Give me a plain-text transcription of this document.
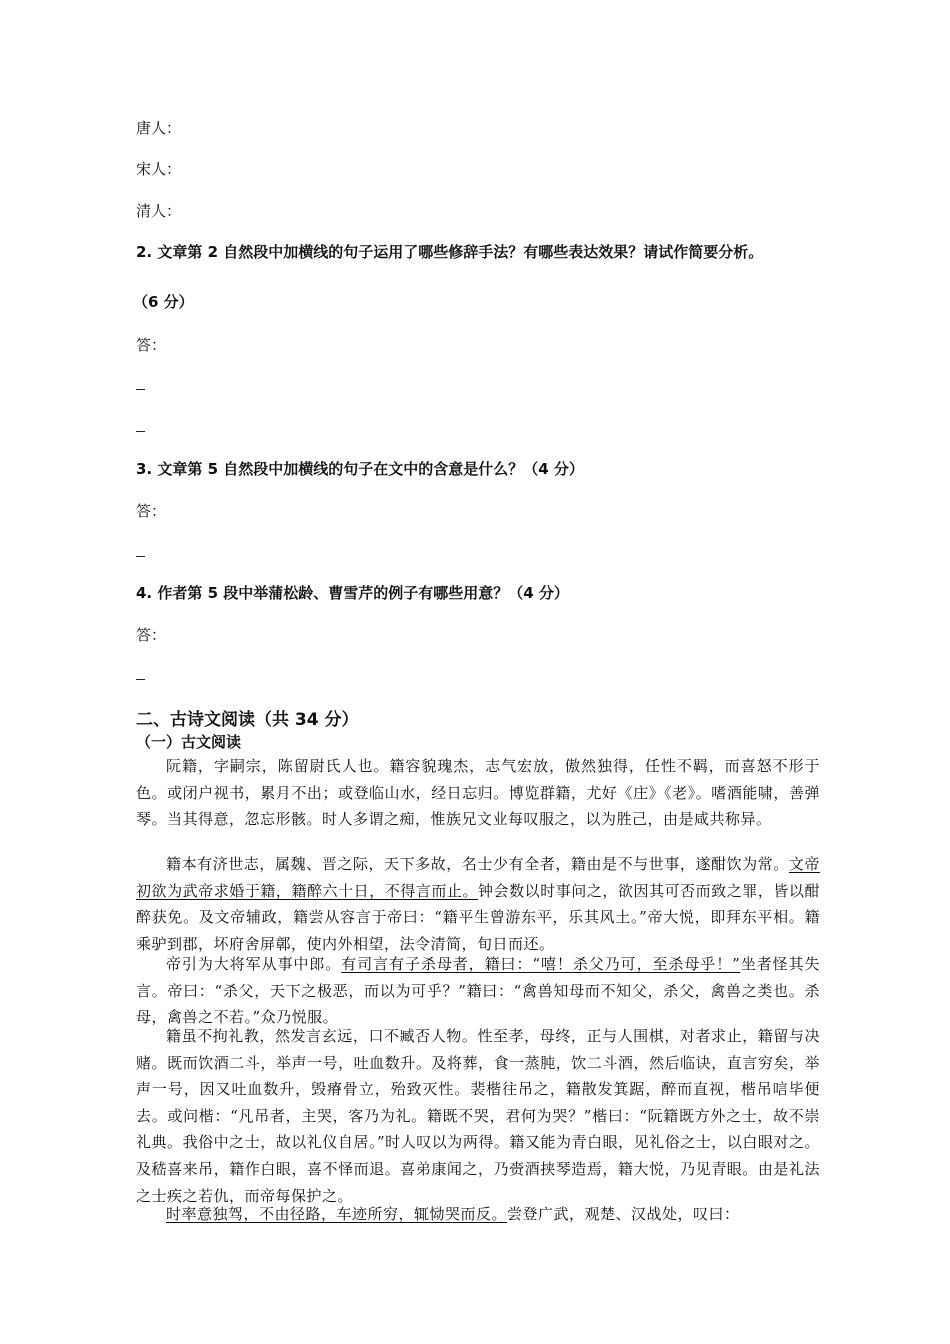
唐人：
宋人：
清人：
2. 文章第 2 自然段中加横线的句子运用了哪些修辞手法？有哪些表达效果？请试作简要分析。
（6 分）
答：
3. 文章第 5 自然段中加横线的句子在文中的含意是什么？（4 分）
答：
4. 作者第 5 段中举蒲松龄、曹雪芹的例子有哪些用意？（4 分）
答：
二、古诗文阅读（共 34 分）
（一）古文阅读
阮籍，字嗣宗，陈留尉氏人也。籍容貌瑰杰，志气宏放，傲然独得，任性不羁，而喜怒不形于色。或闭户视书，累月不出；或登临山水，经日忘归。博览群籍，尤好《庄》《老》。嗜酒能啸，善弹琴。当其得意，忽忘形骸。时人多谓之痴，惟族兄文业每叹服之，以为胜己，由是咸共称异。
籍本有济世志，属魏、晋之际，天下多故，名士少有全者，籍由是不与世事，遂酣饮为常。文帝初欲为武帝求婚于籍，籍醉六十日，不得言而止。钟会数以时事问之，欲因其可否而致之罪，皆以酣醉获免。及文帝辅政，籍尝从容言于帝曰：“籍平生曾游东平，乐其风土。”帝大悦，即拜东平相。籍乘驴到郡，坏府舍屏鄣，使内外相望，法令清简，旬日而还。
帝引为大将军从事中郎。有司言有子杀母者，籍曰：“嘻！杀父乃可，至杀母乎！”坐者怪其失言。帝曰：“杀父，天下之极恶，而以为可乎？”籍曰：“禽兽知母而不知父，杀父，禽兽之类也。杀母，禽兽之不若。”众乃悦服。
籍虽不拘礼教，然发言玄远，口不臧否人物。性至孝，母终，正与人围棋，对者求止，籍留与决赌。既而饮酒二斗，举声一号，吐血数升。及将葬，食一蒸肫，饮二斗酒，然后临诀，直言穷矣，举声一号，因又吐血数升，毁瘠骨立，殆致灭性。裴楷往吊之，籍散发箕踞，醉而直视，楷吊唁毕便去。或问楷：“凡吊者，主哭，客乃为礼。籍既不哭，君何为哭？”楷曰：“阮籍既方外之士，故不崇礼典。我俗中之士，故以礼仪自居。”时人叹以为两得。籍又能为青白眼，见礼俗之士，以白眼对之。及嵇喜来吊，籍作白眼，喜不怿而退。喜弟康闻之，乃赍酒挟琴造焉，籍大悦，乃见青眼。由是礼法之士疾之若仇，而帝每保护之。
时率意独驾，不由径路，车迹所穷，辄恸哭而反。尝登广武，观楚、汉战处，叹曰：
